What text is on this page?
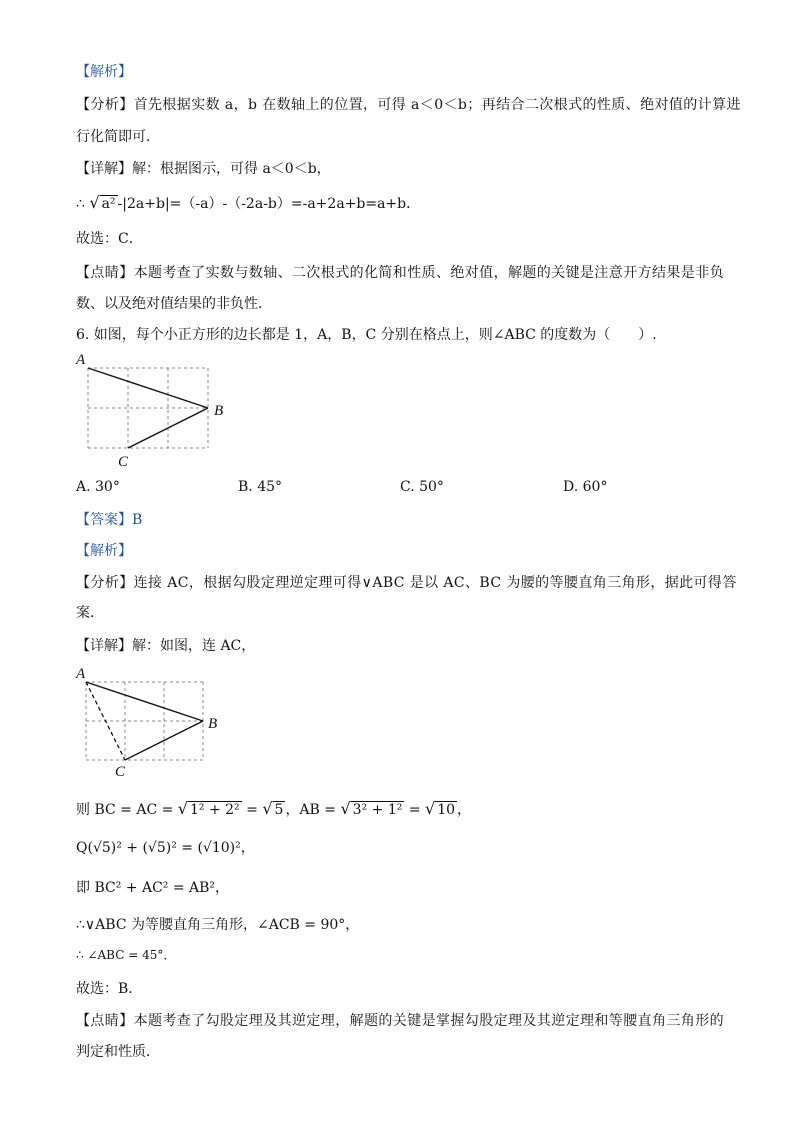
【解析】
【分析】首先根据实数 a，b 在数轴上的位置，可得 a＜0＜b；再结合二次根式的性质、绝对值的计算进
行化简即可．
【详解】解：根据图示，可得 a＜0＜b，
∴ √ a² -|2a+b|=（-a）-（-2a-b）=-a+2a+b=a+b．
故选：C．
【点睛】本题考查了实数与数轴、二次根式的化简和性质、绝对值，解题的关键是注意开方结果是非负
数、以及绝对值结果的非负性．
6. 如图，每个小正方形的边长都是 1，A，B，C 分别在格点上，则∠ABC 的度数为（　　）.
A
B
C
A. 30°	B. 45°	C. 50°	D. 60°
【答案】B
【解析】
【分析】连接 AC，根据勾股定理逆定理可得∨ABC 是以 AC、BC 为腰的等腰直角三角形，据此可得答
案．
【详解】解：如图，连 AC，
A
B
C
则 BC = AC = √ 1² + 2² = √ 5 ，AB = √ 3² + 1² = √ 10 ，
Q(√5)² + (√5)² = (√10)²，
即 BC² + AC² = AB²，
∴∨ABC 为等腰直角三角形，∠ACB = 90°，
∴ ∠ABC = 45°．
故选：B．
【点睛】本题考查了勾股定理及其逆定理，解题的关键是掌握勾股定理及其逆定理和等腰直角三角形的
判定和性质．
